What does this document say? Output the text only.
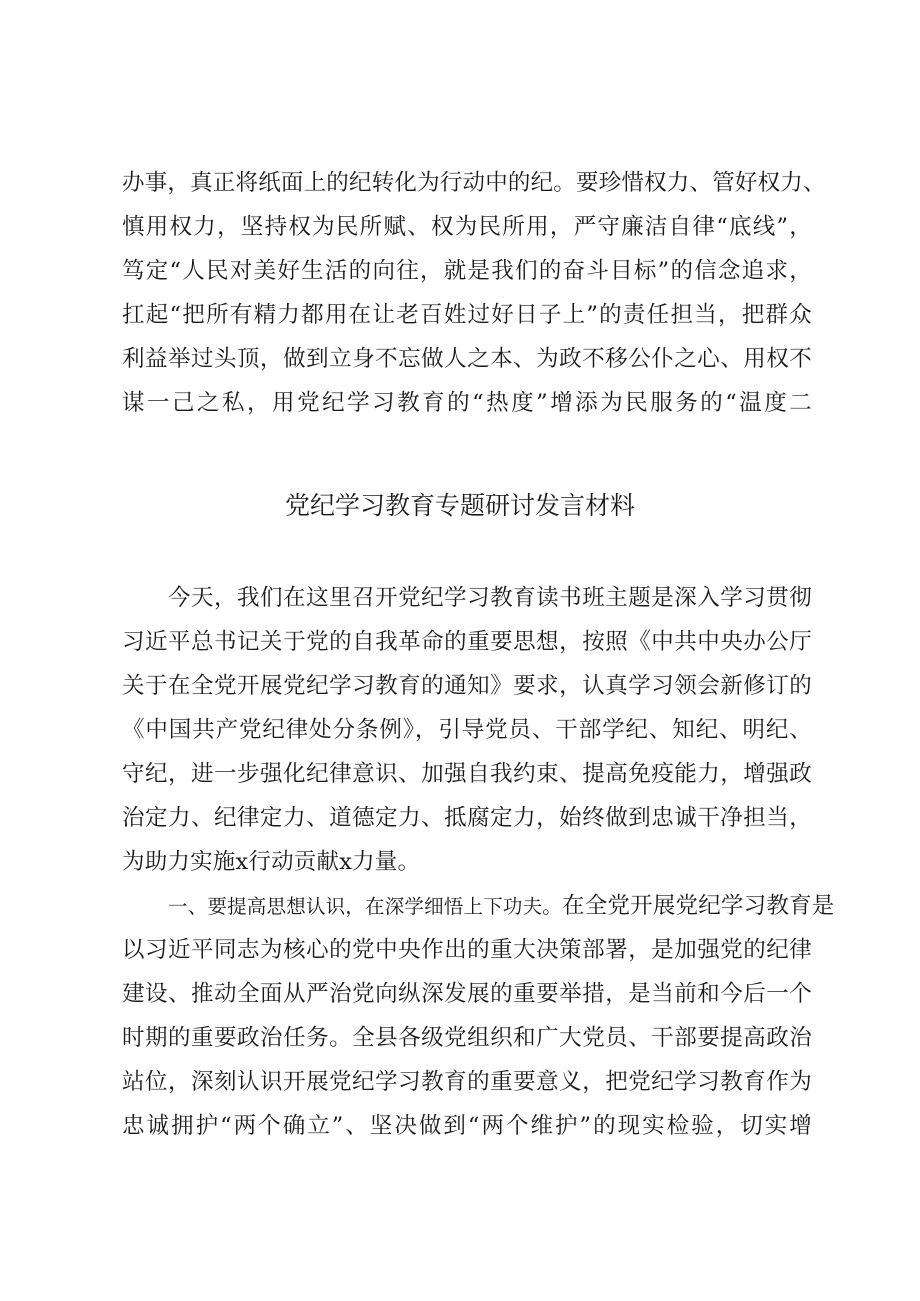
办事，真正将纸面上的纪转化为行动中的纪。要珍惜权力、管好权力、
慎用权力，坚持权为民所赋、权为民所用，严守廉洁自律“底线”，
笃定“人民对美好生活的向往，就是我们的奋斗目标”的信念追求，
扛起“把所有精力都用在让老百姓过好日子上”的责任担当，把群众
利益举过头顶，做到立身不忘做人之本、为政不移公仆之心、用权不
谋一己之私，用党纪学习教育的“热度”增添为民服务的“温度二
党纪学习教育专题研讨发言材料
今天，我们在这里召开党纪学习教育读书班主题是深入学习贯彻
习近平总书记关于党的自我革命的重要思想，按照《中共中央办公厅
关于在全党开展党纪学习教育的通知》要求，认真学习领会新修订的
《中国共产党纪律处分条例》，引导党员、干部学纪、知纪、明纪、
守纪，进一步强化纪律意识、加强自我约束、提高免疫能力，增强政
治定力、纪律定力、道德定力、抵腐定力，始终做到忠诚干净担当，
为助力实施x行动贡献x力量。
一、要提高思想认识，在深学细悟上下功夫。在全党开展党纪学习教育是
以习近平同志为核心的党中央作出的重大决策部署，是加强党的纪律
建设、推动全面从严治党向纵深发展的重要举措，是当前和今后一个
时期的重要政治任务。全县各级党组织和广大党员、干部要提高政治
站位，深刻认识开展党纪学习教育的重要意义，把党纪学习教育作为
忠诚拥护“两个确立”、坚决做到“两个维护”的现实检验，切实增
